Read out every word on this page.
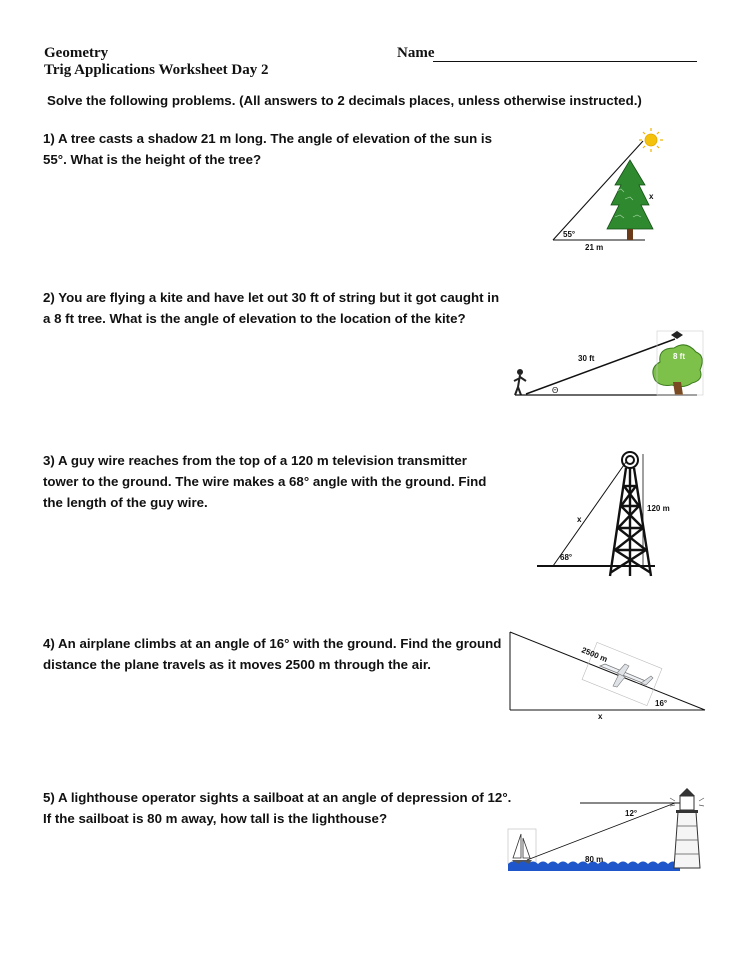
Geometry
Trig Applications Worksheet Day 2
Name
Solve the following problems. (All answers to 2 decimals places, unless otherwise instructed.)
1) A tree casts a shadow 21 m long. The angle of elevation of the sun is
55°. What is the height of the tree?
x
55°
21 m
2) You are flying a kite and have let out 30 ft of string but it got caught in
a 8 ft tree. What is the angle of elevation to the location of the kite?
30 ft	8 ft
Θ
3) A guy wire reaches from the top of a 120 m television transmitter
tower to the ground. The wire makes a 68° angle with the ground. Find
the length of the guy wire.	120 m
x
68°
4) An airplane climbs at an angle of 16° with the ground. Find the ground
distance the plane travels as it moves 2500 m through the air.
2500 m
16°
x
5) A lighthouse operator sights a sailboat at an angle of depression of 12°.
If the sailboat is 80 m away, how tall is the lighthouse?	12°
80 m
